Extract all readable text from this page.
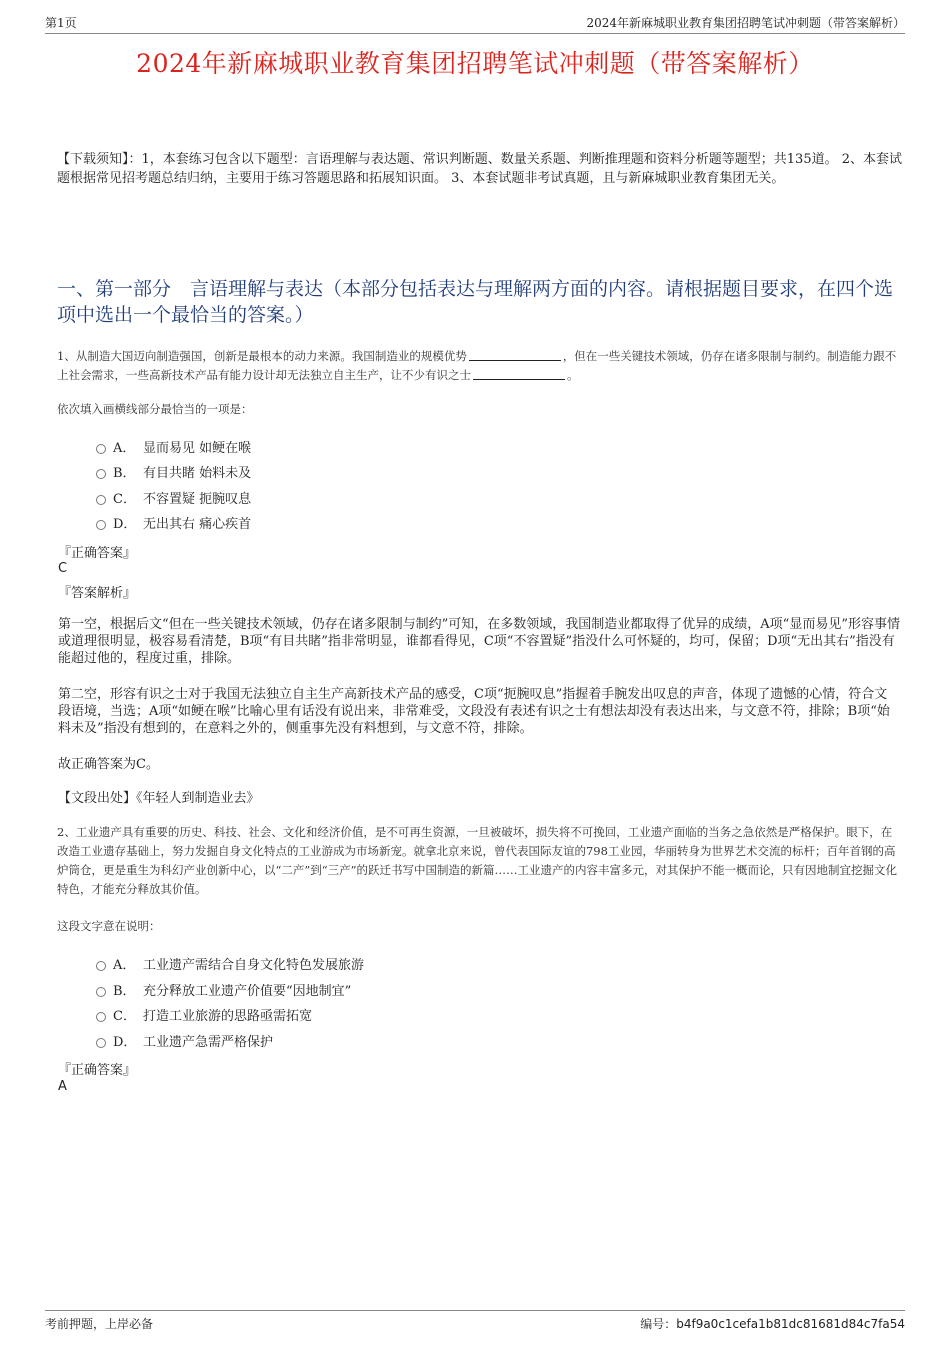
第1页	2024年新麻城职业教育集团招聘笔试冲刺题（带答案解析）
2024年新麻城职业教育集团招聘笔试冲刺题（带答案解析）
【下载须知】：1，本套练习包含以下题型：言语理解与表达题、常识判断题、数量关系题、判断推理题和资料分析题等题型；共135道。 2、本套试题根据常见招考题总结归纳，主要用于练习答题思路和拓展知识面。 3、本套试题非考试真题，且与新麻城职业教育集团无关。
一、第一部分　言语理解与表达（本部分包括表达与理解两方面的内容。请根据题目要求，在四个选项中选出一个最恰当的答案。）
1、从制造大国迈向制造强国，创新是最根本的动力来源。我国制造业的规模优势	，但在一些关键技术领域，仍存在诸多限制与制约。制造能力跟不上社会需求，一些高新技术产品有能力设计却无法独立自主生产，让不少有识之士	。
依次填入画横线部分最恰当的一项是：
A． 显而易见 如鲠在喉
B． 有目共睹 始料未及
C． 不容置疑 扼腕叹息
D． 无出其右 痛心疾首
『正确答案』
C
『答案解析』
第一空，根据后文“但在一些关键技术领域，仍存在诸多限制与制约”可知，在多数领域，我国制造业都取得了优异的成绩，A项“显而易见”形容事情或道理很明显，极容易看清楚，B项“有目共睹”指非常明显，谁都看得见，C项“不容置疑”指没什么可怀疑的，均可，保留；D项“无出其右”指没有能超过他的，程度过重，排除。
第二空，形容有识之士对于我国无法独立自主生产高新技术产品的感受，C项“扼腕叹息”指握着手腕发出叹息的声音，体现了遗憾的心情，符合文段语境，当选；A项“如鲠在喉”比喻心里有话没有说出来，非常难受，文段没有表述有识之士有想法却没有表达出来，与文意不符，排除；B项“始料未及”指没有想到的，在意料之外的，侧重事先没有料想到，与文意不符，排除。
故正确答案为C。
【文段出处】《年轻人到制造业去》
2、工业遗产具有重要的历史、科技、社会、文化和经济价值，是不可再生资源，一旦被破坏，损失将不可挽回，工业遗产面临的当务之急依然是严格保护。眼下，在改造工业遗存基础上，努力发掘自身文化特点的工业游成为市场新宠。就拿北京来说，曾代表国际友谊的798工业园，华丽转身为世界艺术交流的标杆；百年首钢的高炉筒仓，更是重生为科幻产业创新中心，以“二产”到“三产”的跃迁书写中国制造的新篇……工业遗产的内容丰富多元，对其保护不能一概而论，只有因地制宜挖掘文化特色，才能充分释放其价值。
这段文字意在说明：
A． 工业遗产需结合自身文化特色发展旅游
B． 充分释放工业遗产价值要“因地制宜”
C． 打造工业旅游的思路亟需拓宽
D． 工业遗产急需严格保护
『正确答案』
A
考前押题，上岸必备	编号：b4f9a0c1cefa1b81dc81681d84c7fa54
